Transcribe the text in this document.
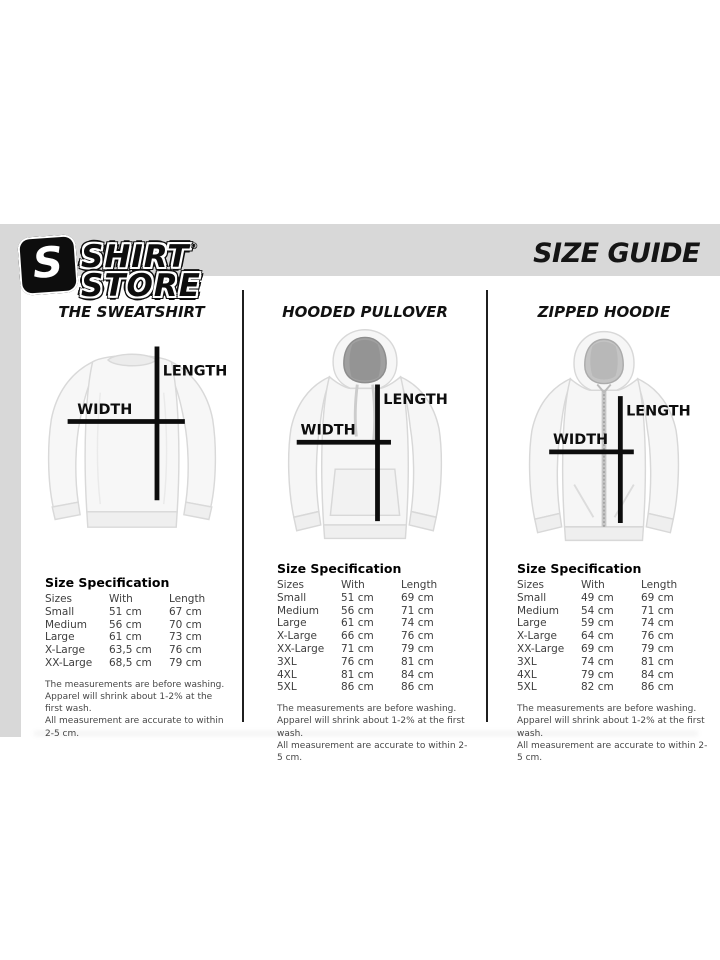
S SHIRT®
STORE
SIZE GUIDE
THE SWEATSHIRT
LENGTH
WIDTH
Size Specification
Sizes	With	Length
Small	51 cm	67 cm
Medium	56 cm	70 cm
Large	61 cm	73 cm
X-Large	63,5 cm	76 cm
XX-Large	68,5 cm	79 cm
The measurements are before washing.
Apparel will shrink about 1-2% at the first wash.
All measurement are accurate to within 2-5 cm.
HOODED PULLOVER
LENGTH
WIDTH
Size Specification
Sizes	With	Length
Small	51 cm	69 cm
Medium	56 cm	71 cm
Large	61 cm	74 cm
X-Large	66 cm	76 cm
XX-Large	71 cm	79 cm
3XL	76 cm	81 cm
4XL	81 cm	84 cm
5XL	86 cm	86 cm
The measurements are before washing.
Apparel will shrink about 1-2% at the first wash.
All measurement are accurate to within 2-5 cm.
ZIPPED HOODIE
LENGTH
WIDTH
Size Specification
Sizes	With	Length
Small	49 cm	69 cm
Medium	54 cm	71 cm
Large	59 cm	74 cm
X-Large	64 cm	76 cm
XX-Large	69 cm	79 cm
3XL	74 cm	81 cm
4XL	79 cm	84 cm
5XL	82 cm	86 cm
The measurements are before washing.
Apparel will shrink about 1-2% at the first wash.
All measurement are accurate to within 2-5 cm.
